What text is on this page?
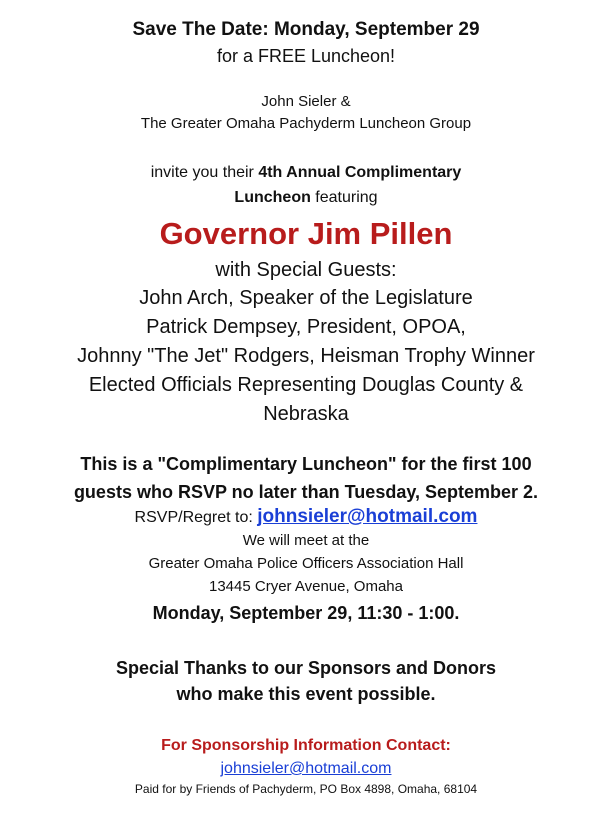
Save The Date: Monday, September 29

for a FREE Luncheon!

John Sieler &

The Greater Omaha Pachyderm Luncheon Group

invite you their 4th Annual Complimentary

Luncheon featuring

Governor Jim Pillen

with Special Guests:

John Arch, Speaker of the Legislature

Patrick Dempsey, President, OPOA,

Johnny "The Jet" Rodgers, Heisman Trophy Winner

Elected Officials Representing Douglas County &

Nebraska

This is a "Complimentary Luncheon" for the first 100

guests who RSVP no later than Tuesday, September 2.

RSVP/Regret to: johnsieler@hotmail.com

We will meet at the

Greater Omaha Police Officers Association Hall

13445 Cryer Avenue, Omaha

Monday, September 29, 11:30 - 1:00.

Special Thanks to our Sponsors and Donors

who make this event possible.

For Sponsorship Information Contact:

johnsieler@hotmail.com

Paid for by Friends of Pachyderm, PO Box 4898, Omaha, 68104
